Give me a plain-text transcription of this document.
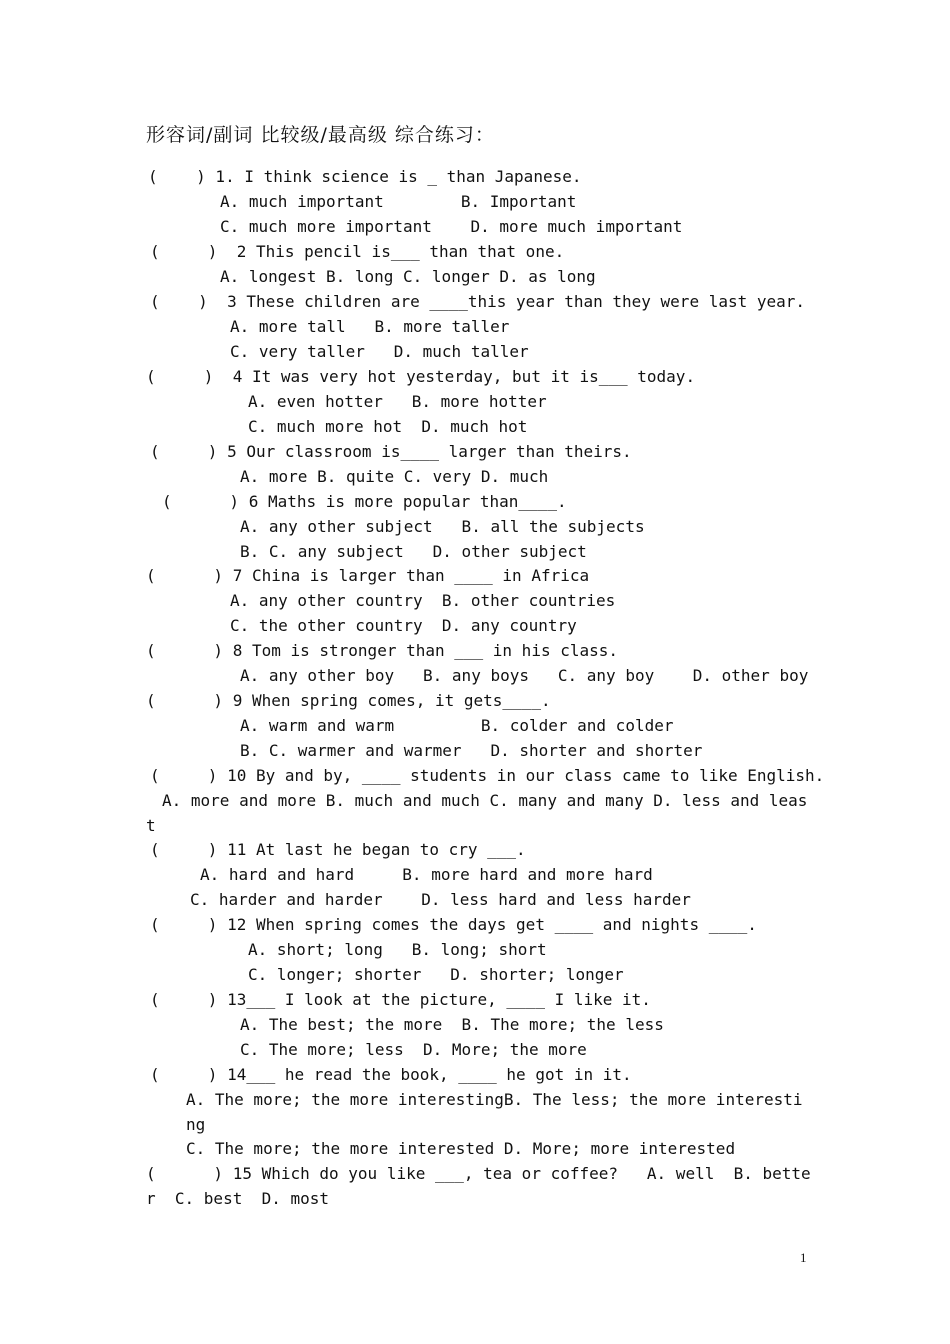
形容词/副词 比较级/最高级 综合练习：
(    ) 1. I think science is _ than Japanese.
A. much important        B. Important
C. much more important    D. more much important
(     )  2 This pencil is___ than that one.
A. longest B. long C. longer D. as long
(    )  3 These children are ____this year than they were last year.
A. more tall   B. more taller
C. very taller   D. much taller
(     )  4 It was very hot yesterday, but it is___ today.
A. even hotter   B. more hotter
C. much more hot  D. much hot
(     ) 5 Our classroom is____ larger than theirs.
A. more B. quite C. very D. much
(      ) 6 Maths is more popular than____.
A. any other subject   B. all the subjects
B. C. any subject   D. other subject
(      ) 7 China is larger than ____ in Africa
A. any other country  B. other countries
C. the other country  D. any country
(      ) 8 Tom is stronger than ___ in his class.
A. any other boy   B. any boys   C. any boy    D. other boy
(      ) 9 When spring comes, it gets____.
A. warm and warm         B. colder and colder
B. C. warmer and warmer   D. shorter and shorter
(     ) 10 By and by, ____ students in our class came to like English.
A. more and more B. much and much C. many and many D. less and leas
t
(     ) 11 At last he began to cry ___.
A. hard and hard     B. more hard and more hard
C. harder and harder    D. less hard and less harder
(     ) 12 When spring comes the days get ____ and nights ____.
A. short; long   B. long; short
C. longer; shorter   D. shorter; longer
(     ) 13___ I look at the picture, ____ I like it.
A. The best; the more  B. The more; the less
C. The more; less  D. More; the more
(     ) 14___ he read the book, ____ he got in it.
A. The more; the more interestingB. The less; the more interesti
ng
C. The more; the more interested D. More; more interested
(      ) 15 Which do you like ___, tea or coffee?   A. well  B. bette
r  C. best  D. most
1
